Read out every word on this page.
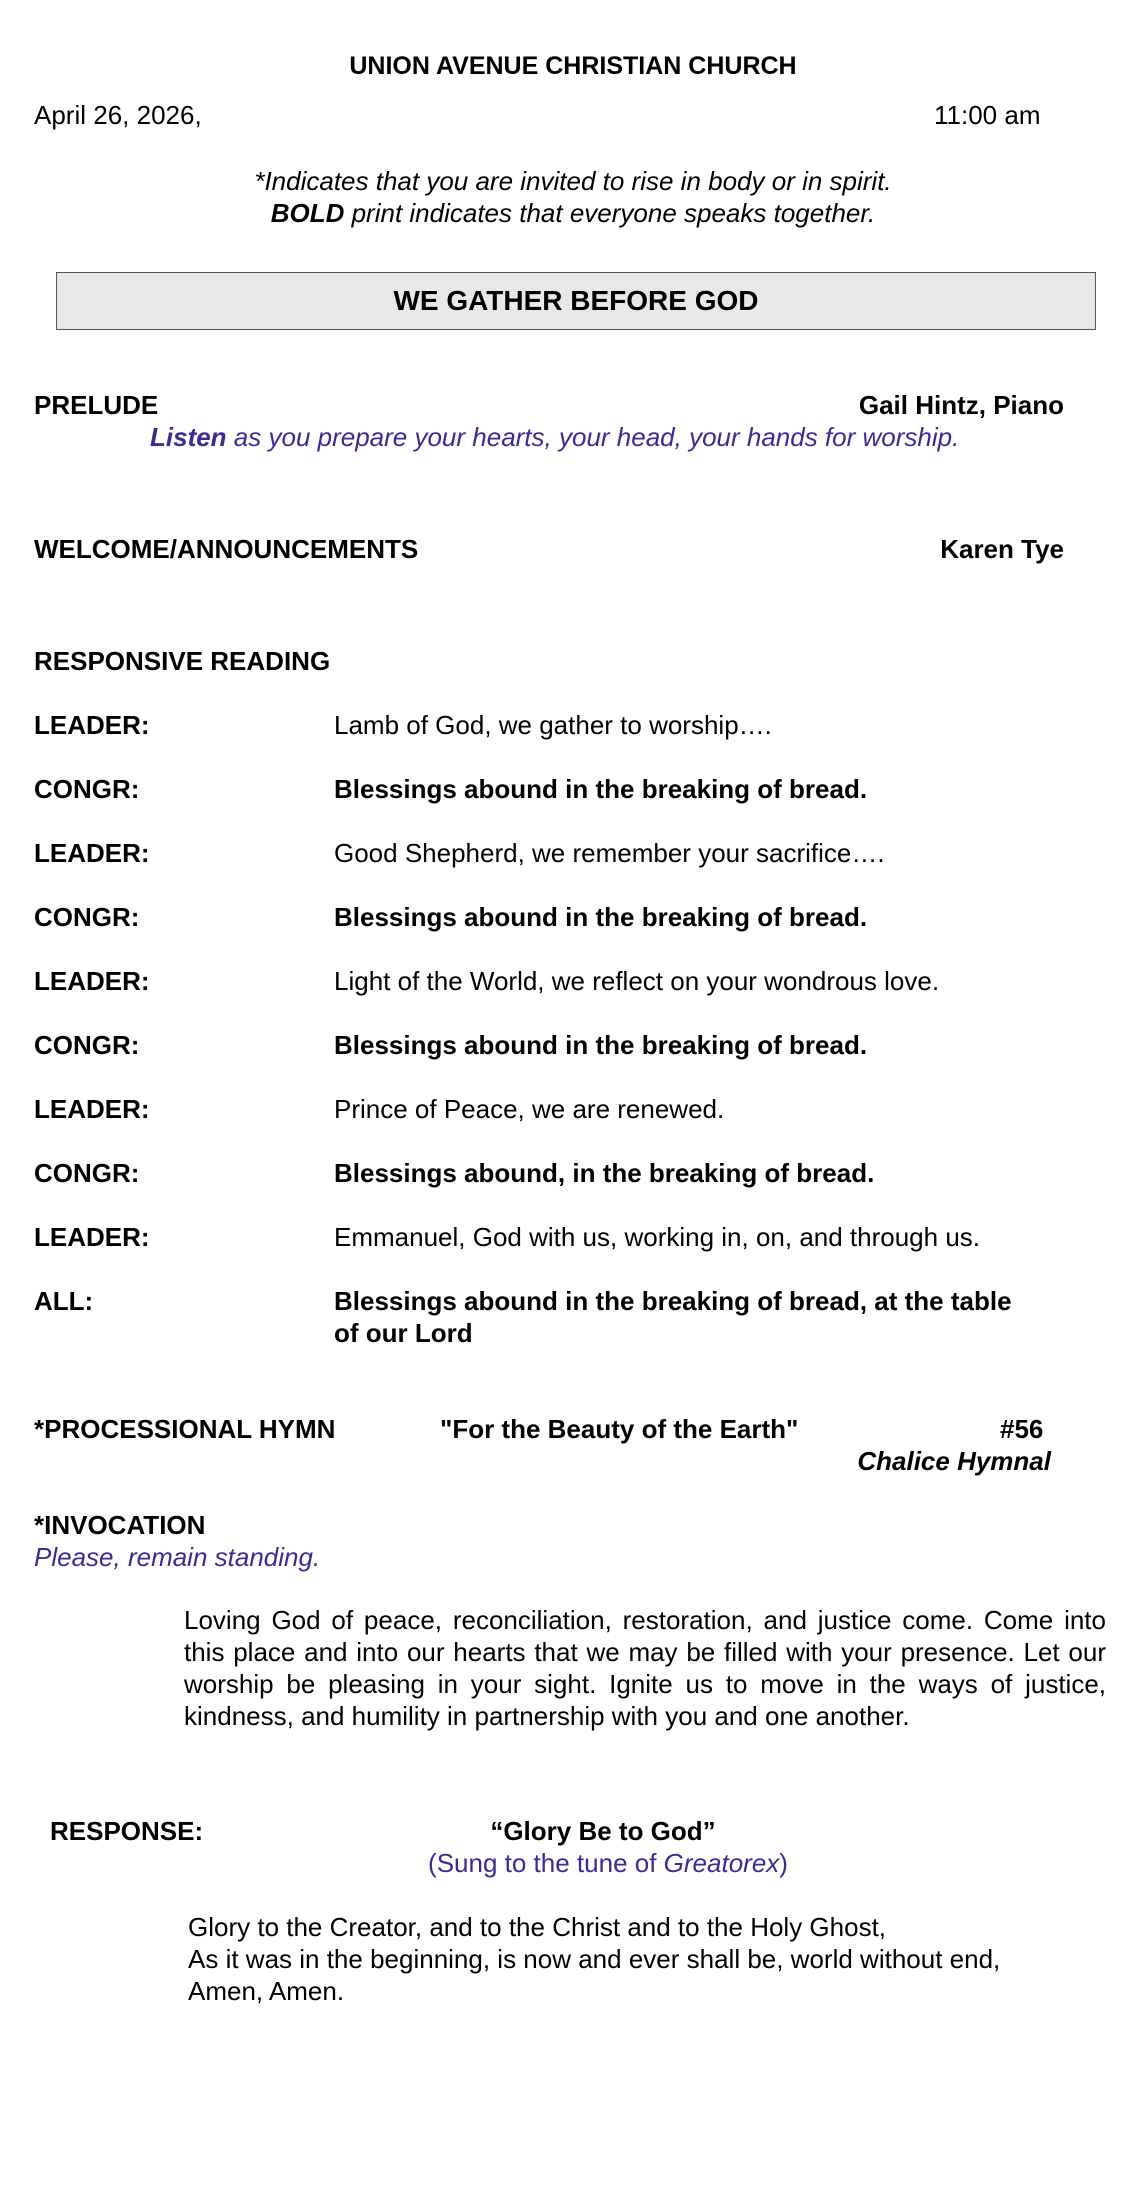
UNION AVENUE CHRISTIAN CHURCH
April 26, 2026,	11:00 am
*Indicates that you are invited to rise in body or in spirit.
BOLD print indicates that everyone speaks together.
WE GATHER BEFORE GOD
PRELUDE	Gail Hintz, Piano
Listen as you prepare your hearts, your head, your hands for worship.
WELCOME/ANNOUNCEMENTS	Karen Tye
RESPONSIVE READING
LEADER:	Lamb of God, we gather to worship….
CONGR:	Blessings abound in the breaking of bread.
LEADER:	Good Shepherd, we remember your sacrifice….
CONGR:	Blessings abound in the breaking of bread.
LEADER:	Light of the World, we reflect on your wondrous love.
CONGR:	Blessings abound in the breaking of bread.
LEADER:	Prince of Peace, we are renewed.
CONGR:	Blessings abound, in the breaking of bread.
LEADER:	Emmanuel, God with us, working in, on, and through us.
ALL:	Blessings abound in the breaking of bread, at the table
of our Lord
*PROCESSIONAL HYMN	"For the Beauty of the Earth"	#56
Chalice Hymnal
*INVOCATION
Please, remain standing.
Loving God of peace, reconciliation, restoration, and justice come. Come into this place and into our hearts that we may be filled with your presence. Let our worship be pleasing in your sight. Ignite us to move in the ways of justice, kindness, and humility in partnership with you and one another.
RESPONSE:	“Glory Be to God”
(Sung to the tune of Greatorex)
Glory to the Creator, and to the Christ and to the Holy Ghost,
As it was in the beginning, is now and ever shall be, world without end,
Amen, Amen.
